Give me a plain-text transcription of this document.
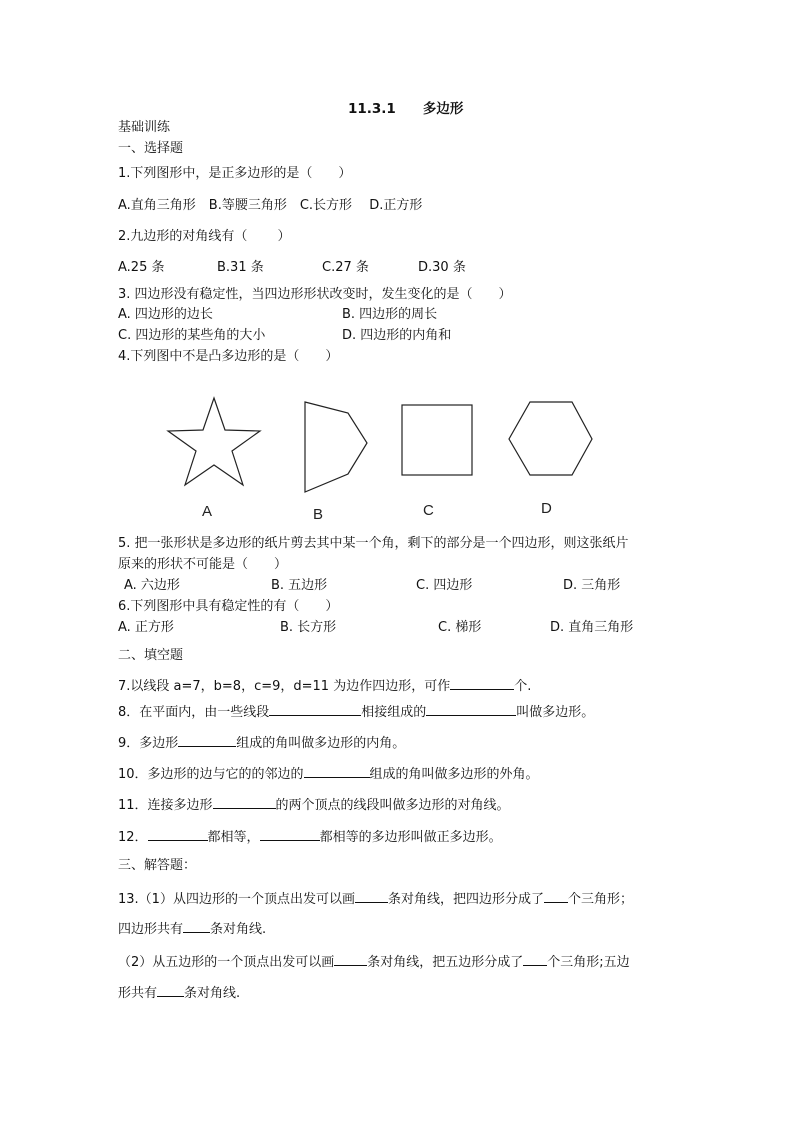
11.3.1　　多边形
基础训练
一、选择题
1.下列图形中，是正多边形的是（　　）
A.直角三角形　B.等腰三角形　C.长方形　 D.正方形
2.九边形的对角线有（　　 ）
A.25 条	B.31 条	C.27 条	D.30 条
3. 四边形没有稳定性，当四边形形状改变时，发生变化的是（　　）
A. 四边形的边长	B. 四边形的周长
C. 四边形的某些角的大小	D. 四边形的内角和
4.下列图中不是凸多边形的是（　　）
A	B	C	D
5. 把一张形状是多边形的纸片剪去其中某一个角，剩下的部分是一个四边形，则这张纸片
原来的形状不可能是（　　）
A. 六边形	B. 五边形	C. 四边形	D. 三角形
6.下列图形中具有稳定性的有（　　）
A. 正方形	B. 长方形	C. 梯形	D. 直角三角形
二、填空题
7.以线段 a=7，b=8，c=9，d=11 为边作四边形，可作	个.
8．在平面内，由一些线段	相接组成的	叫做多边形。
9．多边形	组成的角叫做多边形的内角。
10．多边形的边与它的的邻边的	组成的角叫做多边形的外角。
11．连接多边形	的两个顶点的线段叫做多边形的对角线。
12．	都相等，	都相等的多边形叫做正多边形。
三、解答题：
13.（1）从四边形的一个顶点出发可以画	条对角线，把四边形分成了 个三角形；
四边形共有 条对角线.
（2）从五边形的一个顶点出发可以画	条对角线，把五边形分成了 个三角形;五边
形共有 条对角线.
